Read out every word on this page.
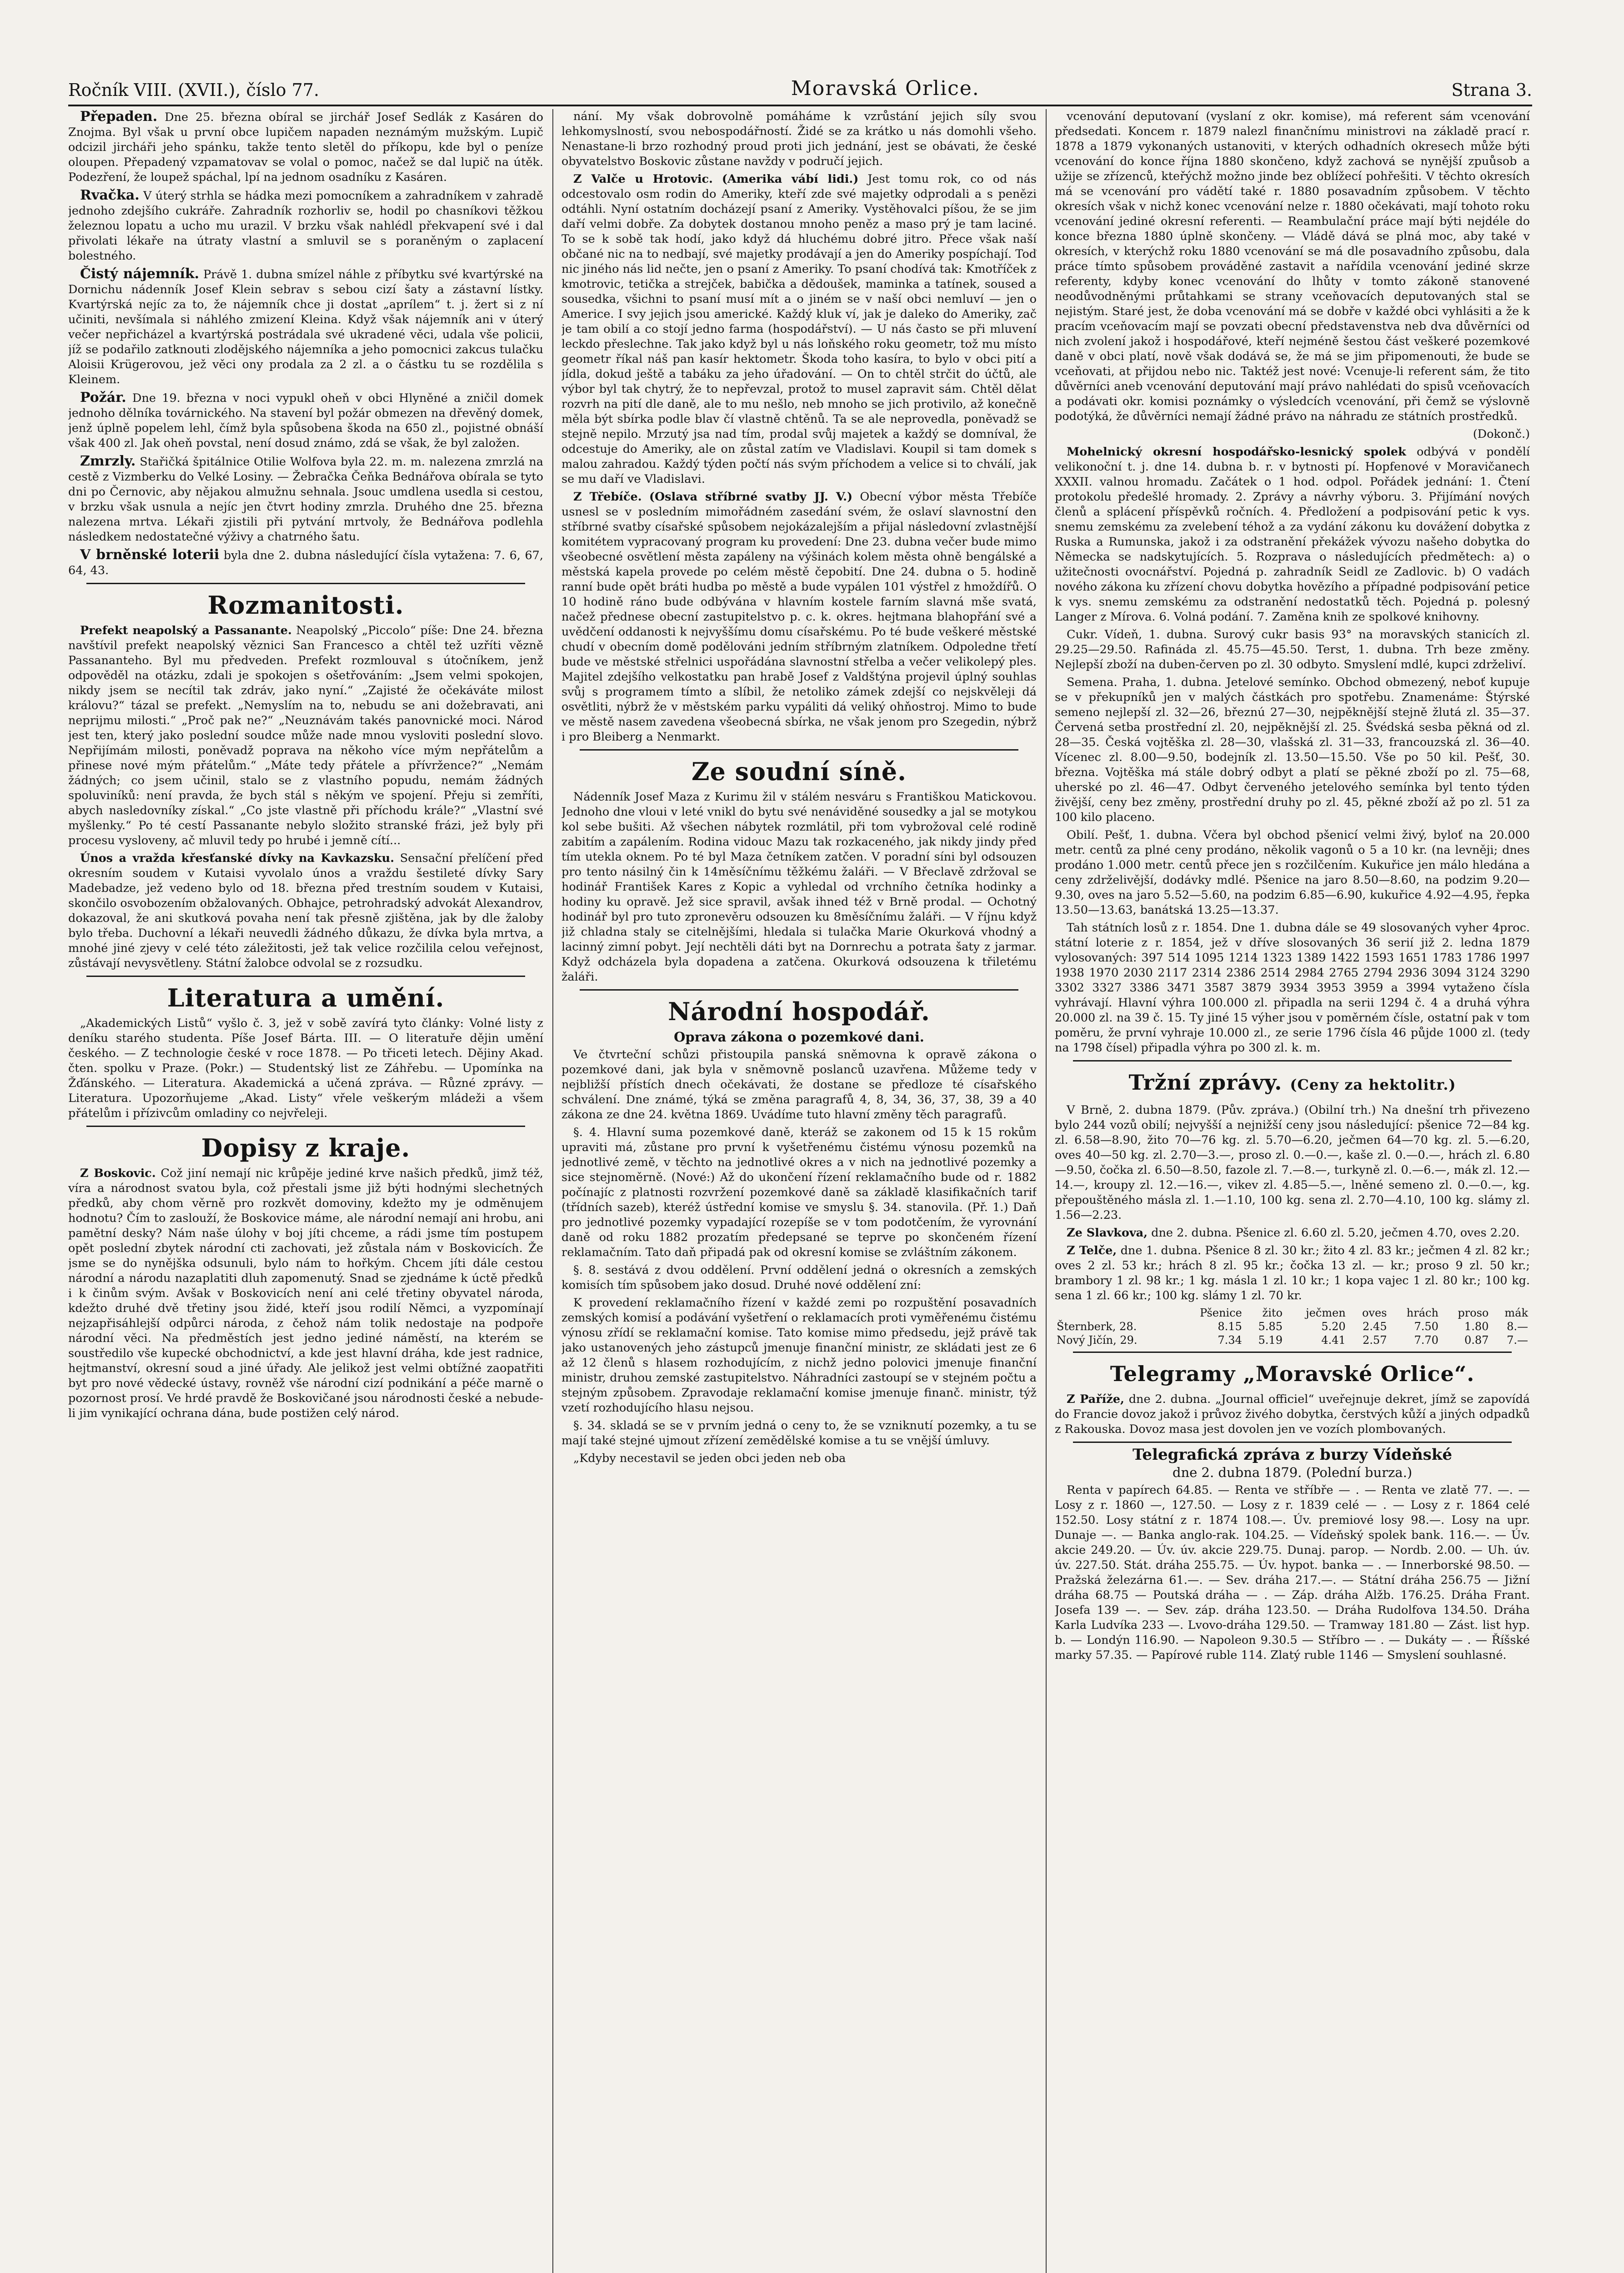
Ročník VIII. (XVII.), číslo 77.	Moravská Orlice.	Strana 3.

Přepaden. Dne 25. března obíral se jirchář Josef Sedlák z Kasáren do Znojma. Byl však u první obce lupičem napaden neznámým mužským. Lupič odcizil jircháři jeho spánku, takže tento sletěl do příkopu, kde byl o peníze oloupen. Přepadený vzpamatovav se volal o pomoc, načež se dal lupič na útěk. Podezření, že loupež spáchal, lpí na jednom osadníku z Kasáren.

Rvačka. V úterý strhla se hádka mezi pomocníkem a zahradníkem v zahradě jednoho zdejšího cukráře. Zahradník rozhorliv se, hodil po chasníkovi těžkou železnou lopatu a ucho mu urazil. V brzku však nahlédl překvapení své i dal přivolati lékaře na útraty vlastní a smluvil se s poraněným o zaplacení bolestného.

Čistý nájemník. Právě 1. dubna smízel náhle z příbytku své kvartýrské na Dornichu nádenník Josef Klein sebrav s sebou cizí šaty a zástavní lístky. Kvartýrská nejíc za to, že nájemník chce ji dostat „aprílem“ t. j. žert si z ní učiniti, nevšímala si náhlého zmizení Kleina. Když však nájemník ani v úterý večer nepřicházel a kvartýrská postrádala své ukradené věci, udala vše policii, jíž se podařilo zatknouti zlodějského nájemníka a jeho pomocnici zakcus tulačku Aloisii Krügerovou, jež věci ony prodala za 2 zl. a o částku tu se rozdělila s Kleinem.

Požár. Dne 19. března v noci vypukl oheň v obci Hlyněné a zničil domek jednoho dělníka továrnického. Na stavení byl požár obmezen na dřevěný domek, jenž úplně popelem lehl, čímž byla spůsobena škoda na 650 zl., pojistné obnáší však 400 zl. Jak oheň povstal, není dosud známo, zdá se však, že byl založen.

Zmrzly. Stařičká špitálnice Otilie Wolfova byla 22. m. m. nalezena zmrzlá na cestě z Vizmberku do Velké Losiny. — Žebračka Čeňka Bednářova obírala se tyto dni po Černovic, aby nějakou almužnu sehnala. Jsouc umdlena usedla si cestou, v brzku však usnula a nejíc jen čtvrt hodiny zmrzla. Druhého dne 25. března nalezena mrtva. Lékaři zjistili při pytvání mrtvoly, že Bednářova podlehla následkem nedostatečné výživy a chatrného šatu.

V brněnské loterii byla dne 2. dubna následující čísla vytažena: 7. 6, 67, 64, 43.

Rozmanitosti.

Prefekt neapolský a Passanante. Neapolský „Piccolo“ píše: Dne 24. března navštívil prefekt neapolský věznici San Francesco a chtěl tež uzříti vězně Passananteho. Byl mu předveden. Prefekt rozmlouval s útočníkem, jenž odpověděl na otázku, zdali je spokojen s ošetřováním: „Jsem velmi spokojen, nikdy jsem se necítil tak zdráv, jako nyní.“ „Zajisté že očekáváte milost královu?“ tázal se prefekt. „Nemyslím na to, nebudu se ani dožebravati, ani neprijmu milosti.“ „Proč pak ne?“ „Neuznávám takés panovnické moci. Národ jest ten, který jako poslední soudce může nade mnou vysloviti poslední slovo. Nepřijímám milosti, poněvadž poprava na někoho více mým nepřátelům a přinese nové mým přátelům.“ „Máte tedy přátele a přívržence?“ „Nemám žádných; co jsem učinil, stalo se z vlastního popudu, nemám žádných spoluviníků: není pravda, že bych stál s někým ve spojení. Přeju si zemříti, abych nasledovníky získal.“ „Co jste vlastně při příchodu krále?“ „Vlastní své myšlenky.“ Po té cestí Passanante nebylo složito stranské frázi, jež byly při procesu vysloveny, ač mluvil tedy po hrubé i jemně cítí...

Únos a vražda křesťanské dívky na Kavkazsku. Sensační přelíčení před okresním soudem v Kutaisi vyvolalo únos a vraždu šestileté dívky Sary Madebadze, jež vedeno bylo od 18. března před trestním soudem v Kutaisi, skončilo osvobozením obžalovaných. Obhajce, petrohradský advokát Alexandrov, dokazoval, že ani skutková povaha není tak přesně zjištěna, jak by dle žaloby bylo třeba. Duchovní a lékaři neuvedli žádného důkazu, že dívka byla mrtva, a mnohé jiné zjevy v celé této záležitosti, jež tak velice rozčilila celou veřejnost, zůstávají nevysvětleny. Státní žalobce odvolal se z rozsudku.

Literatura a umění.

„Akademických Listů“ vyšlo č. 3, jež v sobě zavírá tyto články: Volné listy z deníku starého studenta. Píše Josef Bárta. III. — O literatuře dějin umění českého. — Z technologie české v roce 1878. — Po třiceti letech. Dějiny Akad. čten. spolku v Praze. (Pokr.) — Studentský list ze Záhřebu. — Upomínka na Žďánského. — Literatura. Akademická a učená zpráva. — Různé zprávy. — Literatura. Upozorňujeme „Akad. Listy“ vřele veškerým mládeži a všem přátelům i přízivcům omladiny co nejvřeleji.

Dopisy z kraje.

Z Boskovic. Což jiní nemají nic krůpěje jediné krve našich předků, jimž též, víra a národnost svatou byla, což přestali jsme již býti hodnými slechetných předků, aby chom věrně pro rozkvět domoviny, kdežto my je odměnujem hodnotu? Čím to zaslouží, že Boskovice máme, ale národní nemají ani hrobu, ani pamětní desky? Nám naše úlohy v boj jíti chceme, a rádi jsme tím postupem opět poslední zbytek národní cti zachovati, jež zůstala nám v Boskovicích. Že jsme se do nynějška odsunuli, bylo nám to hořkým. Chcem jíti dále cestou národní a národu nazaplatiti dluh zapomenutý. Snad se zjednáme k úctě předků i k činům svým. Avšak v Boskovicích není ani celé třetiny obyvatel národa, kdežto druhé dvě třetiny jsou židé, kteří jsou rodilí Němci, a vyzpomínají nejzapřisáhlejší odpůrci národa, z čehož nám tolik nedostaje na podpoře národní věci. Na předměstích jest jedno jediné náměstí, na kterém se soustředilo vše kupecké obchodnictví, a kde jest hlavní dráha, kde jest radnice, hejtmanství, okresní soud a jiné úřady. Ale jelikož jest velmi obtížné zaopatřiti byt pro nové vědecké ústavy, rovněž vše národní cizí podnikání a péče marně o pozornost prosí. Ve hrdé pravdě že Boskovičané jsou národnosti české a nebude-li jim vynikající ochrana dána, bude postižen celý národ.

nání. My však dobrovolně pomáháme k vzrůstání jejich síly svou lehkomyslností, svou nebospodářností. Židé se za krátko u nás domohli všeho. Nenastane-li brzo rozhodný proud proti jich jednání, jest se obávati, že české obyvatelstvo Boskovic zůstane navždy v područí jejich.

Z Valče u Hrotovic. (Amerika vábí lidi.) Jest tomu rok, co od nás odcestovalo osm rodin do Ameriky, kteří zde své majetky odprodali a s penězi odtáhli. Nyní ostatním docházejí psaní z Ameriky. Vystěhovalci píšou, že se jim daří velmi dobře. Za dobytek dostanou mnoho peněz a maso prý je tam laciné. To se k sobě tak hodí, jako když dá hluchému dobré jitro. Přece však naší občané nic na to nedbají, své majetky prodávají a jen do Ameriky pospíchají. Toď nic jiného nás lid nečte, jen o psaní z Ameriky. To psaní chodívá tak: Kmotříček z kmotrovic, tetička a strejček, babička a dědoušek, maminka a tatínek, soused a sousedka, všichni to psaní musí mít a o jiném se v naší obci nemluví — jen o Americe. I svy jejich jsou americké. Každý kluk ví, jak je daleko do Ameriky, zač je tam obilí a co stojí jedno farma (hospodářství). — U nás často se při mluvení leckdo přeslechne. Tak jako když byl u nás loňského roku geometr, tož mu místo geometr říkal náš pan kasír hektometr. Škoda toho kasíra, to bylo v obci pití a jídla, dokud ještě a tabáku za jeho úřadování. — On to chtěl strčit do účtů, ale výbor byl tak chytrý, že to nepřevzal, protož to musel zapravit sám. Chtěl dělat rozvrh na pití dle daně, ale to mu nešlo, neb mnoho se jich protivilo, až konečně měla být sbírka podle blav čí vlastně chtěnů. Ta se ale neprovedla, poněvadž se stejně nepilo. Mrzutý jsa nad tím, prodal svůj majetek a každý se domníval, že odcestuje do Ameriky, ale on zůstal zatím ve Vladislavi. Koupil si tam domek s malou zahradou. Každý týden počtí nás svým příchodem a velice si to chválí, jak se mu daří ve Vladislavi.

Z Třebíče. (Oslava stříbrné svatby JJ. V.) Obecní výbor města Třebíče usnesl se v posledním mimořádném zasedání svém, že oslaví slavnostní den stříbrné svatby císařské spůsobem nejokázalejším a přijal následovní zvlastnější komitétem vypracovaný program ku provedení: Dne 23. dubna večer bude mimo všeobecné osvětlení města zapáleny na výšinách kolem města ohně bengálské a městská kapela provede po celém městě čepobití. Dne 24. dubna o 5. hodině ranní bude opět bráti hudba po městě a bude vypálen 101 výstřel z hmoždířů. O 10 hodině ráno bude odbývána v hlavním kostele farním slavná mše svatá, načež přednese obecní zastupitelstvo p. c. k. okres. hejtmana blahopřání své a uvědčení oddanosti k nejvyššímu domu císařskému. Po té bude veškeré městské chudí v obecním domě podělováni jedním stříbrným zlatníkem. Odpoledne třetí bude ve městské střelnici uspořádána slavnostní střelba a večer velikolepý ples. Majitel zdejšího velkostatku pan hrabě Josef z Valdštýna projevil úplný souhlas svůj s programem tímto a slíbil, že netoliko zámek zdejší co nejskvěleji dá osvětliti, nýbrž že v městském parku vypáliti dá veliký ohňostroj. Mimo to bude ve městě nasem zavedena všeobecná sbírka, ne však jenom pro Szegedin, nýbrž i pro Bleiberg a Nenmarkt.

Ze soudní síně.

Nádenník Josef Maza z Kurimu žil v stálém nesváru s Františkou Matickovou. Jednoho dne vloui v leté vnikl do bytu své nenáviděné sousedky a jal se motykou kol sebe bušiti. Až všechen nábytek rozmlátil, při tom vybrožoval celé rodině zabitím a zapálením. Rodina vidouc Mazu tak rozkaceného, jak nikdy jindy před tím utekla oknem. Po té byl Maza četníkem zatčen. V poradní síni byl odsouzen pro tento násilný čin k 14měsíčnímu těžkému žaláři. — V Břeclavě zdržoval se hodinář František Kares z Kopic a vyhledal od vrchního četníka hodinky a hodiny ku opravě. Jež sice spravil, avšak ihned též v Brně prodal. — Ochotný hodinář byl pro tuto zpronevěru odsouzen ku 8měsíčnímu žaláři. — V říjnu když již chladna staly se citelnějšími, hledala si tulačka Marie Okurková vhodný a lacinný zimní pobyt. Její nechtěli dáti byt na Dornrechu a potrata šaty z jarmar. Když odcházela byla dopadena a zatčena. Okurková odsouzena k třiletému žaláři.

Národní hospodář.
Oprava zákona o pozemkové dani.

Ve čtvrteční schůzi přistoupila panská sněmovna k opravě zákona o pozemkové dani, jak byla v sněmovně poslanců uzavřena. Můžeme tedy v nejbližší přístích dnech očekávati, že dostane se předloze té císařského schválení. Dne známé, týká se změna paragrafů 4, 8, 34, 36, 37, 38, 39 a 40 zákona ze dne 24. května 1869. Uvádíme tuto hlavní změny těch paragrafů.

§. 4. Hlavní suma pozemkové daně, kteráž se zakonem od 15 k 15 rokům upraviti má, zůstane pro první k vyšetřenému čistému výnosu pozemků na jednotlivé země, v těchto na jednotlivé okres a v nich na jednotlivé pozemky a sice stejnoměrně. (Nové:) Až do ukončení řízení reklamačního bude od r. 1882 počínajíc z platnosti rozvržení pozemkové daně sa základě klasifikačních tarif (třídních sazeb), kteréž ústřední komise ve smyslu §. 34. stanovila. (Př. 1.) Daň pro jednotlivé pozemky vypadající rozepíše se v tom podotčením, že vyrovnání daně od roku 1882 prozatím předepsané se teprve po skončeném řízení reklamačním. Tato daň připadá pak od okresní komise se zvláštním zákonem.

§. 8. sestává z dvou oddělení. První oddělení jedná o okresních a zemských komisích tím spůsobem jako dosud. Druhé nové oddělení zní:

K provedení reklamačního řízení v každé zemi po rozpuštění posavadních zemských komisí a podávání vyšetření o reklamacích proti vyměřenému čistému výnosu zřídí se reklamační komise. Tato komise mimo předsedu, jejž právě tak jako ustanovených jeho zástupců jmenuje finanční ministr, ze skládati jest ze 6 až 12 členů s hlasem rozhodujícím, z nichž jedno polovici jmenuje finanční ministr, druhou zemské zastupitelstvo. Náhradníci zastoupí se v stejném počtu a stejným způsobem. Zpravodaje reklamační komise jmenuje finanč. ministr, týž vzetí rozhodujícího hlasu nejsou.

§. 34. skladá se se v prvním jedná o ceny to, že se vzniknutí pozemky, a tu se mají také stejné ujmout zřízení zemědělské komise a tu se vnější úmluvy.

„Kdyby necestavil se jeden obci jeden neb oba

vcenování deputovaní (vyslaní z okr. komise), má referent sám vcenování předsedati. Koncem r. 1879 nalezl finančnímu ministrovi na základě prací r. 1878 a 1879 vykonaných ustanoviti, v kterých odhadních okresech může býti vcenování do konce října 1880 skončeno, když zachová se nynější zpuůsob a užije se zřízenců, kteřýchž možno jinde bez oblížecí pohřešiti. V těchto okresích má se vcenování pro vádětí také r. 1880 posavadním způsobem. V těchto okresích však v nichž konec vcenování nelze r. 1880 očekávati, mají tohoto roku vcenování jediné okresní referenti. — Reambulační práce mají býti nejdéle do konce března 1880 úplně skončeny. — Vládě dává se plná moc, aby také v okresích, v kterýchž roku 1880 vcenování se má dle posavadního způsobu, dala práce tímto spůsobem prováděné zastavit a nařídila vcenování jediné skrze referenty, kdyby konec vcenování do lhůty v tomto zákoně stanovené neodůvodněnými průtahkami se strany vceňovacích deputovaných stal se nejistým. Staré jest, že doba vcenování má se dobře v každé obci vyhlásiti a že k pracím vceňovacím mají se povzati obecní představenstva neb dva důvěrníci od nich zvolení jakož i hospodářové, kteří nejméně šestou část veškeré pozemkové daně v obci platí, nově však dodává se, že má se jim připomenouti, že bude se vceňovati, at přijdou nebo nic. Taktéž jest nové: Vcenuje-li referent sám, že tito důvěrníci aneb vcenování deputování mají právo nahlédati do spisů vceňovacích a podávati okr. komisi poznámky o výsledcích vcenování, při čemž se výslovně podotýká, že důvěrníci nemají žádné právo na náhradu ze státních prostředků.

(Dokonč.)

Mohelnický okresní hospodářsko-lesnický spolek odbývá v pondělí velikonoční t. j. dne 14. dubna b. r. v bytnosti pí. Hopfenové v Moravičanech XXXII. valnou hromadu. Začátek o 1 hod. odpol. Pořádek jednání: 1. Čtení protokolu předešlé hromady. 2. Zprávy a návrhy výboru. 3. Přijímání nových členů a splácení příspěvků ročních. 4. Předložení a podpisování petic k vys. snemu zemskému za zvelebení téhož a za vydání zákonu ku dovážení dobytka z Ruska a Rumunska, jakož i za odstranění překážek vývozu našeho dobytka do Německa se nadskytujících. 5. Rozprava o následujících předmětech: a) o užitečnosti ovocnářství. Pojedná p. zahradník Seidl ze Zadlovic. b) O vadách nového zákona ku zřízení chovu dobytka hovězího a případné podpisování petice k vys. snemu zemskému za odstranění nedostatků těch. Pojedná p. polesný Langer z Mírova. 6. Volná podání. 7. Zaměna knih ze spolkové knihovny.

Cukr. Vídeň, 1. dubna. Surový cukr basis 93° na moravských stanicích zl. 29.25—29.50. Rafináda zl. 45.75—45.50. Terst, 1. dubna. Trh beze změny. Nejlepší zboží na duben-červen po zl. 30 odbyto. Smyslení mdlé, kupci zdrželiví.

Semena. Praha, 1. dubna. Jetelové semínko. Obchod obmezený, neboť kupuje se v překupníků jen v malých částkách pro spotřebu. Znamenáme: Štýrské semeno nejlepší zl. 32—26, březnú 27—30, nejpěknější stejně žlutá zl. 35—37. Červená setba prostřední zl. 20, nejpěknější zl. 25. Švédská sesba pěkná od zl. 28—35. Česká vojtěška zl. 28—30, vlašská zl. 31—33, francouzská zl. 36—40. Vícenec zl. 8.00—9.50, bodejník zl. 13.50—15.50. Vše po 50 kil. Pešť, 30. března. Vojtěška má stále dobrý odbyt a platí se pěkné zboží po zl. 75—68, uherské po zl. 46—47. Odbyt červeného jetelového semínka byl tento týden živější, ceny bez změny, prostřední druhy po zl. 45, pěkné zboží až po zl. 51 za 100 kilo placeno.

Obilí. Pešť, 1. dubna. Včera byl obchod pšenicí velmi živý, byloť na 20.000 metr. centů za plné ceny prodáno, několik vagonů o 5 a 10 kr. (na levněji; dnes prodáno 1.000 metr. centů přece jen s rozčilčením. Kukuřice jen málo hledána a ceny zdrželivější, dodávky mdlé. Pšenice na jaro 8.50—8.60, na podzim 9.20—9.30, oves na jaro 5.52—5.60, na podzim 6.85—6.90, kukuřice 4.92—4.95, řepka 13.50—13.63, banátská 13.25—13.37.

Tah státních losů z r. 1854. Dne 1. dubna dále se 49 slosovaných vyher 4proc. státní loterie z r. 1854, jež v dříve slosovaných 36 serií již 2. ledna 1879 vylosovaných: 397 514 1095 1214 1323 1389 1422 1593 1651 1783 1786 1997 1938 1970 2030 2117 2314 2386 2514 2984 2765 2794 2936 3094 3124 3290 3302 3327 3386 3471 3587 3879 3934 3953 3959 a 3994 vytaženo čísla vyhrávají. Hlavní výhra 100.000 zl. připadla na serii 1294 č. 4 a druhá výhra 20.000 zl. na 39 č. 15. Ty jiné 15 výher jsou v poměrném čísle, ostatní pak v tom poměru, že první vyhraje 10.000 zl., ze serie 1796 čísla 46 půjde 1000 zl. (tedy na 1798 čísel) připadla výhra po 300 zl. k. m.

Tržní zprávy. (Ceny za hektolitr.)

V Brně, 2. dubna 1879. (Pův. zpráva.) (Obilní trh.) Na dnešní trh přivezeno bylo 244 vozů obilí; nejvyšší a nejnižší ceny jsou následující: pšenice 72—84 kg. zl. 6.58—8.90, žito 70—76 kg. zl. 5.70—6.20, ječmen 64—70 kg. zl. 5.—6.20, oves 40—50 kg. zl. 2.70—3.—, proso zl. 0.—0.—, kaše zl. 0.—0.—, hrách zl. 6.80—9.50, čočka zl. 6.50—8.50, fazole zl. 7.—8.—, turkyně zl. 0.—6.—, mák zl. 12.—14.—, kroupy zl. 12.—16.—, vikev zl. 4.85—5.—, lněné semeno zl. 0.—0.—, kg. přepouštěného másla zl. 1.—1.10, 100 kg. sena zl. 2.70—4.10, 100 kg. slámy zl. 1.56—2.23.

Ze Slavkova, dne 2. dubna. Pšenice zl. 6.60 zl. 5.20, ječmen 4.70, oves 2.20.

Z Telče, dne 1. dubna. Pšenice 8 zl. 30 kr.; žito 4 zl. 83 kr.; ječmen 4 zl. 82 kr.; oves 2 zl. 53 kr.; hrách 8 zl. 95 kr.; čočka 13 zl. — kr.; proso 9 zl. 50 kr.; brambory 1 zl. 98 kr.; 1 kg. másla 1 zl. 10 kr.; 1 kopa vajec 1 zl. 80 kr.; 100 kg. sena 1 zl. 66 kr.; 100 kg. slámy 1 zl. 70 kr.

	Pšenice	žito	ječmen	oves	hrách	proso	mák
Šternberk, 28.	8.15	5.85	5.20	2.45	7.50	1.80	8.—
Nový Jičín, 29.	7.34	5.19	4.41	2.57	7.70	0.87	7.—
Telegramy „Moravské Orlice“.

Z Paříže, dne 2. dubna. „Journal officiel“ uveřejnuje dekret, jímž se zapovídá do Francie dovoz jakož i průvoz živého dobytka, čerstvých kůží a jiných odpadků z Rakouska. Dovoz masa jest dovolen jen ve vozích plombovaných.

Telegrafická zpráva z burzy Vídeňské
dne 2. dubna 1879. (Polední burza.)

Renta v papírech 64.85. — Renta ve stříbře — . — Renta ve zlatě 77. —. — Losy z r. 1860 —, 127.50. — Losy z r. 1839 celé — . — Losy z r. 1864 celé 152.50. Losy státní z r. 1874 108.—. Úv. premiové losy 98.—. Losy na upr. Dunaje —. — Banka anglo-rak. 104.25. — Vídeňský spolek bank. 116.—. — Úv. akcie 249.20. — Úv. úv. akcie 229.75. Dunaj. parop. — Nordb. 2.00. — Uh. úv. úv. 227.50. Stát. dráha 255.75. — Úv. hypot. banka — . — Innerborské 98.50. — Pražská železárna 61.—. — Sev. dráha 217.—. — Státní dráha 256.75 — Jižní dráha 68.75 — Poutská dráha — . — Záp. dráha Alžb. 176.25. Dráha Frant. Josefa 139 —. — Sev. záp. dráha 123.50. — Dráha Rudolfova 134.50. Dráha Karla Ludvíka 233 —. Lvovo-dráha 129.50. — Tramway 181.80 — Zást. list hyp. b. — Londýn 116.90. — Napoleon 9.30.5 — Stříbro — . — Dukáty — . — Říšské marky 57.35. — Papírové ruble 114. Zlatý ruble 1146 — Smyslení souhlasné.
